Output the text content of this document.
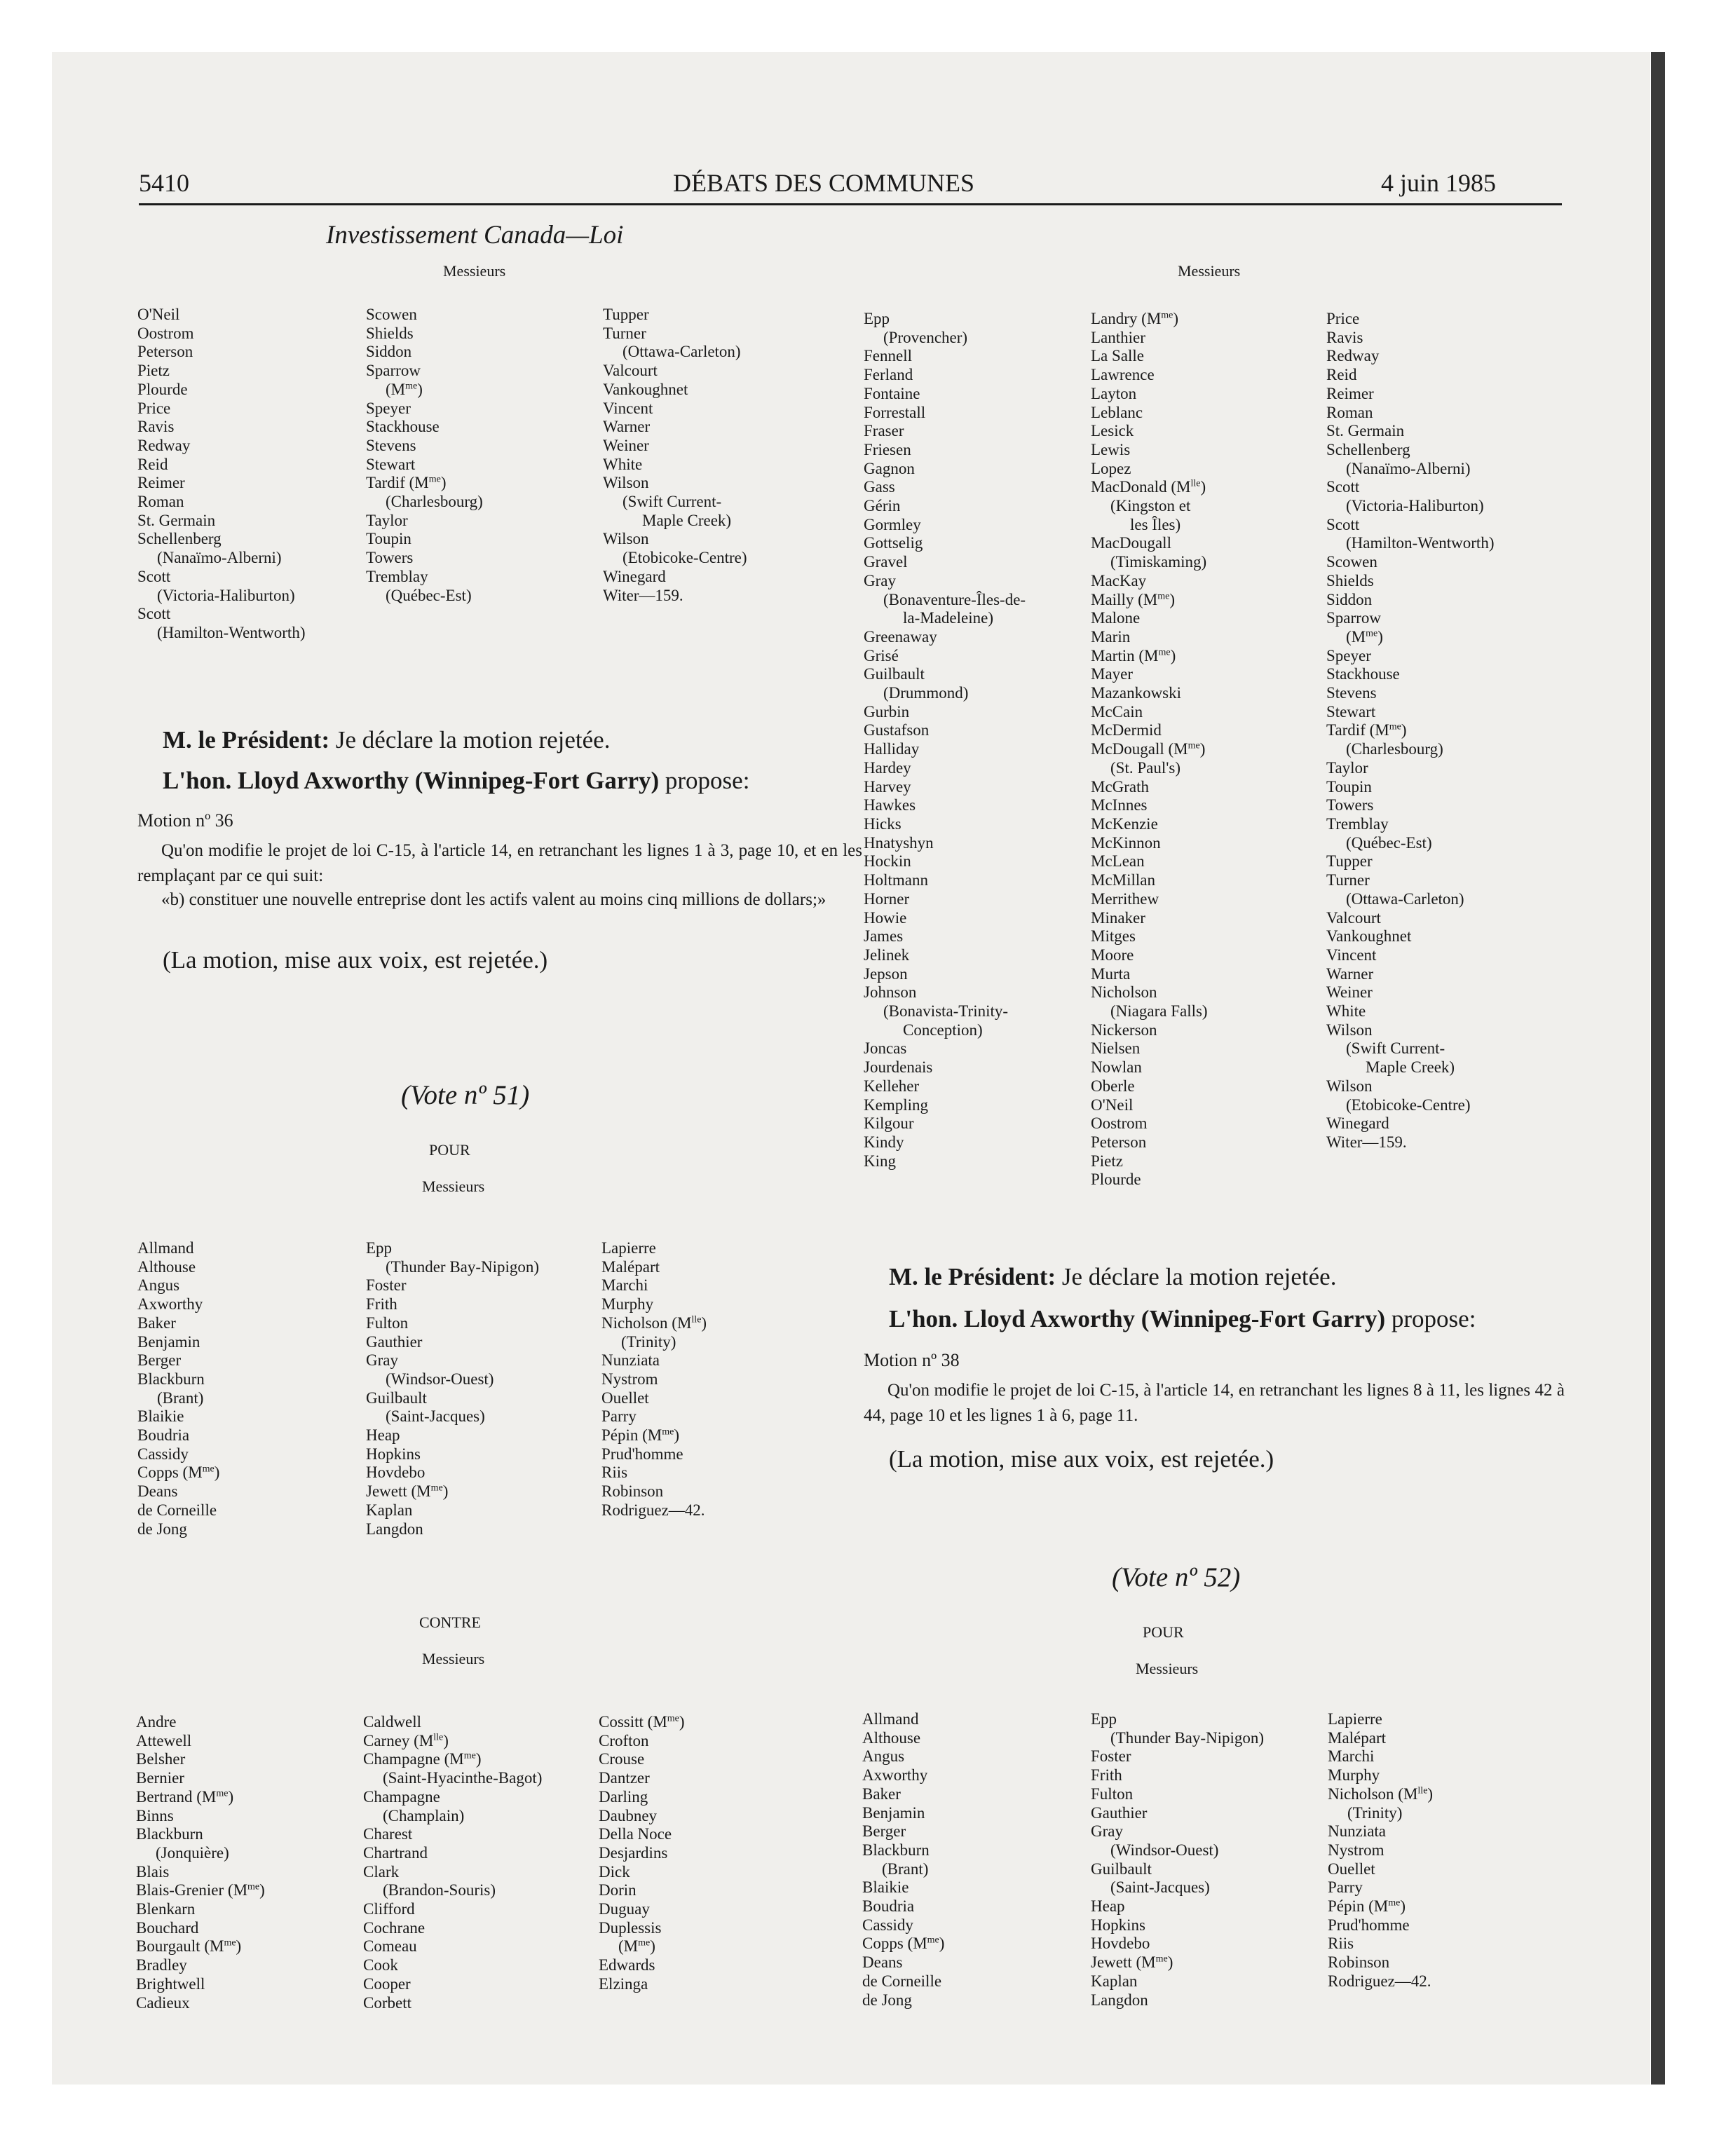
5410	DÉBATS DES COMMUNES	4 juin 1985
Investissement Canada—Loi
Messieurs
O'Neil
Oostrom
Peterson
Pietz
Plourde
Price
Ravis
Redway
Reid
Reimer
Roman
St. Germain
Schellenberg
(Nanaïmo-Alberni)
Scott
(Victoria-Haliburton)
Scott
(Hamilton-Wentworth)
Scowen
Shields
Siddon
Sparrow
$(M^{me})$
Speyer
Stackhouse
Stevens
Stewart
Tardif $(M^{me})$
(Charlesbourg)
Taylor
Toupin
Towers
Tremblay
(Québec-Est)
Tupper
Turner
(Ottawa-Carleton)
Valcourt
Vankoughnet
Vincent
Warner
Weiner
White
Wilson
(Swift Current-
Maple Creek)
Wilson
(Etobicoke-Centre)
Winegard
Witer—159.
M. le Président: Je déclare la motion rejetée.
L'hon. Lloyd Axworthy (Winnipeg-Fort Garry) propose:
Motion nº 36
Qu'on modifie le projet de loi C-15, à l'article 14, en retranchant les lignes 1 à 3, page 10, et en les remplaçant par ce qui suit:
«b) constituer une nouvelle entreprise dont les actifs valent au moins cinq millions de dollars;»
(La motion, mise aux voix, est rejetée.)
(Vote nº 51)
POUR
Messieurs
Allmand
Althouse
Angus
Axworthy
Baker
Benjamin
Berger
Blackburn
(Brant)
Blaikie
Boudria
Cassidy
Copps $(M^{me})$
Deans
de Corneille
de Jong
Epp
(Thunder Bay-Nipigon)
Foster
Frith
Fulton
Gauthier
Gray
(Windsor-Ouest)
Guilbault
(Saint-Jacques)
Heap
Hopkins
Hovdebo
Jewett $(M^{me})$
Kaplan
Langdon
Lapierre
Malépart
Marchi
Murphy
Nicholson $(M^{lle})$
(Trinity)
Nunziata
Nystrom
Ouellet
Parry
Pépin $(M^{me})$
Prud'homme
Riis
Robinson
Rodriguez—42.
CONTRE
Messieurs
Andre
Attewell
Belsher
Bernier
Bertrand $(M^{me})$
Binns
Blackburn
(Jonquière)
Blais
Blais-Grenier $(M^{me})$
Blenkarn
Bouchard
Bourgault $(M^{me})$
Bradley
Brightwell
Cadieux
Caldwell
Carney $(M^{lle})$
Champagne $(M^{me})$
(Saint-Hyacinthe-Bagot)
Champagne
(Champlain)
Charest
Chartrand
Clark
(Brandon-Souris)
Clifford
Cochrane
Comeau
Cook
Cooper
Corbett
Cossitt $(M^{me})$
Crofton
Crouse
Dantzer
Darling
Daubney
Della Noce
Desjardins
Dick
Dorin
Duguay
Duplessis
$(M^{me})$
Edwards
Elzinga
Messieurs
Epp
(Provencher)
Fennell
Ferland
Fontaine
Forrestall
Fraser
Friesen
Gagnon
Gass
Gérin
Gormley
Gottselig
Gravel
Gray
(Bonaventure-Îles-de-
la-Madeleine)
Greenaway
Grisé
Guilbault
(Drummond)
Gurbin
Gustafson
Halliday
Hardey
Harvey
Hawkes
Hicks
Hnatyshyn
Hockin
Holtmann
Horner
Howie
James
Jelinek
Jepson
Johnson
(Bonavista-Trinity-
Conception)
Joncas
Jourdenais
Kelleher
Kempling
Kilgour
Kindy
King
Landry $(M^{me})$
Lanthier
La Salle
Lawrence
Layton
Leblanc
Lesick
Lewis
Lopez
MacDonald $(M^{lle})$
(Kingston et
les Îles)
MacDougall
(Timiskaming)
MacKay
Mailly $(M^{me})$
Malone
Marin
Martin $(M^{me})$
Mayer
Mazankowski
McCain
McDermid
McDougall $(M^{me})$
(St. Paul's)
McGrath
McInnes
McKenzie
McKinnon
McLean
McMillan
Merrithew
Minaker
Mitges
Moore
Murta
Nicholson
(Niagara Falls)
Nickerson
Nielsen
Nowlan
Oberle
O'Neil
Oostrom
Peterson
Pietz
Plourde
Price
Ravis
Redway
Reid
Reimer
Roman
St. Germain
Schellenberg
(Nanaïmo-Alberni)
Scott
(Victoria-Haliburton)
Scott
(Hamilton-Wentworth)
Scowen
Shields
Siddon
Sparrow
$(M^{me})$
Speyer
Stackhouse
Stevens
Stewart
Tardif $(M^{me})$
(Charlesbourg)
Taylor
Toupin
Towers
Tremblay
(Québec-Est)
Tupper
Turner
(Ottawa-Carleton)
Valcourt
Vankoughnet
Vincent
Warner
Weiner
White
Wilson
(Swift Current-
Maple Creek)
Wilson
(Etobicoke-Centre)
Winegard
Witer—159.
M. le Président: Je déclare la motion rejetée.
L'hon. Lloyd Axworthy (Winnipeg-Fort Garry) propose:
Motion nº 38
Qu'on modifie le projet de loi C-15, à l'article 14, en retranchant les lignes 8 à 11, les lignes 42 à 44, page 10 et les lignes 1 à 6, page 11.
(La motion, mise aux voix, est rejetée.)
(Vote nº 52)
POUR
Messieurs
Allmand
Althouse
Angus
Axworthy
Baker
Benjamin
Berger
Blackburn
(Brant)
Blaikie
Boudria
Cassidy
Copps $(M^{me})$
Deans
de Corneille
de Jong
Epp
(Thunder Bay-Nipigon)
Foster
Frith
Fulton
Gauthier
Gray
(Windsor-Ouest)
Guilbault
(Saint-Jacques)
Heap
Hopkins
Hovdebo
Jewett $(M^{me})$
Kaplan
Langdon
Lapierre
Malépart
Marchi
Murphy
Nicholson $(M^{lle})$
(Trinity)
Nunziata
Nystrom
Ouellet
Parry
Pépin $(M^{me})$
Prud'homme
Riis
Robinson
Rodriguez—42.
